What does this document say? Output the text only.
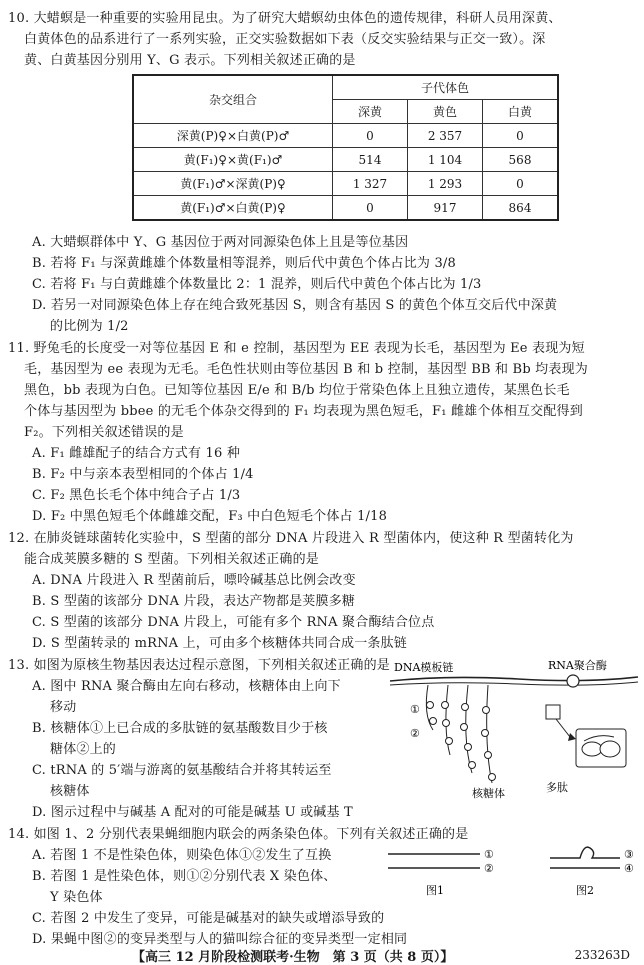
10. 大蜡螟是一种重要的实验用昆虫。为了研究大蜡螟幼虫体色的遗传规律，科研人员用深黄、
白黄体色的品系进行了一系列实验，正交实验数据如下表（反交实验结果与正交一致）。深
黄、白黄基因分别用 Y、G 表示。下列相关叙述正确的是
杂交组合	子代体色		
	深黄	黄色	白黄
深黄(P)♀×白黄(P)♂	0	2 357	0
黄(F₁)♀×黄(F₁)♂	514	1 104	568
黄(F₁)♂×深黄(P)♀	1 327	1 293	0
黄(F₁)♂×白黄(P)♀	0	917	864
A. 大蜡螟群体中 Y、G 基因位于两对同源染色体上且是等位基因
B. 若将 F₁ 与深黄雌雄个体数量相等混养，则后代中黄色个体占比为 3/8
C. 若将 F₁ 与白黄雌雄个体数量比 2：1 混养，则后代中黄色个体占比为 1/3
D. 若另一对同源染色体上存在纯合致死基因 S，则含有基因 S 的黄色个体互交后代中深黄
的比例为 1/2
11. 野兔毛的长度受一对等位基因 E 和 e 控制，基因型为 EE 表现为长毛，基因型为 Ee 表现为短
毛，基因型为 ee 表现为无毛。毛色性状则由等位基因 B 和 b 控制，基因型 BB 和 Bb 均表现为
黑色，bb 表现为白色。已知等位基因 E/e 和 B/b 均位于常染色体上且独立遗传，某黑色长毛
个体与基因型为 bbee 的无毛个体杂交得到的 F₁ 均表现为黑色短毛，F₁ 雌雄个体相互交配得到
F₂。下列相关叙述错误的是
A. F₁ 雌雄配子的结合方式有 16 种
B. F₂ 中与亲本表型相同的个体占 1/4
C. F₂ 黑色长毛个体中纯合子占 1/3
D. F₂ 中黑色短毛个体雌雄交配，F₃ 中白色短毛个体占 1/18
12. 在肺炎链球菌转化实验中，S 型菌的部分 DNA 片段进入 R 型菌体内，使这种 R 型菌转化为
能合成荚膜多糖的 S 型菌。下列相关叙述正确的是
A. DNA 片段进入 R 型菌前后，嘌呤碱基总比例会改变
B. S 型菌的该部分 DNA 片段，表达产物都是荚膜多糖
C. S 型菌的该部分 DNA 片段上，可能有多个 RNA 聚合酶结合位点
D. S 型菌转录的 mRNA 上，可由多个核糖体共同合成一条肽链
13. 如图为原核生物基因表达过程示意图，下列相关叙述正确的是
A. 图中 RNA 聚合酶由左向右移动，核糖体由上向下
移动
B. 核糖体①上已合成的多肽链的氨基酸数目少于核
糖体②上的
C. tRNA 的 5′端与游离的氨基酸结合并将其转运至
核糖体
D. 图示过程中与碱基 A 配对的可能是碱基 U 或碱基 T
DNA模板链	RNA聚合酶
①
②
核糖体	多肽
14. 如图 1、2 分别代表果蝇细胞内联会的两条染色体。下列有关叙述正确的是
A. 若图 1 不是性染色体，则染色体①②发生了互换
B. 若图 1 是性染色体，则①②分别代表 X 染色体、
Y 染色体
C. 若图 2 中发生了变异，可能是碱基对的缺失或增添导致的
①
②
图1
③
④
图2
D. 果蝇中图②的变异类型与人的猫叫综合征的变异类型一定相同
【高三 12 月阶段检测联考·生物　第 3 页（共 8 页）】	233263D
